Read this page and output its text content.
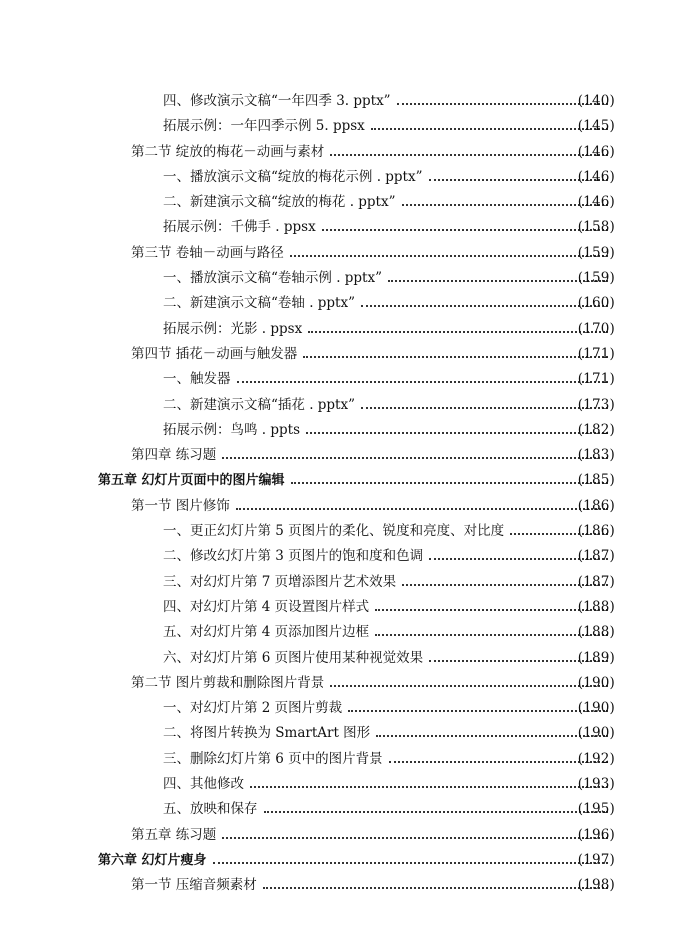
四、修改演示文稿“一年四季 3. pptx”	(140)
拓展示例：一年四季示例 5. ppsx	(145)
第二节 绽放的梅花－动画与素材	(146)
一、播放演示文稿“绽放的梅花示例 . pptx”	(146)
二、新建演示文稿“绽放的梅花 . pptx”	(146)
拓展示例：千佛手 . ppsx	(158)
第三节 卷轴－动画与路径	(159)
一、播放演示文稿“卷轴示例 . pptx”	(159)
二、新建演示文稿“卷轴 . pptx”	(160)
拓展示例：光影 . ppsx	(170)
第四节 插花－动画与触发器	(171)
一、触发器	(171)
二、新建演示文稿“插花 . pptx”	(173)
拓展示例：鸟鸣 . ppts	(182)
第四章 练习题	(183)
第五章 幻灯片页面中的图片编辑	(185)
第一节 图片修饰	(186)
一、更正幻灯片第 5 页图片的柔化、锐度和亮度、对比度	(186)
二、修改幻灯片第 3 页图片的饱和度和色调	(187)
三、对幻灯片第 7 页增添图片艺术效果	(187)
四、对幻灯片第 4 页设置图片样式	(188)
五、对幻灯片第 4 页添加图片边框	(188)
六、对幻灯片第 6 页图片使用某种视觉效果	(189)
第二节 图片剪裁和删除图片背景	(190)
一、对幻灯片第 2 页图片剪裁	(190)
二、将图片转换为 SmartArt 图形	(190)
三、删除幻灯片第 6 页中的图片背景	(192)
四、其他修改	(193)
五、放映和保存	(195)
第五章 练习题	(196)
第六章 幻灯片瘦身	(197)
第一节 压缩音频素材	(198)
